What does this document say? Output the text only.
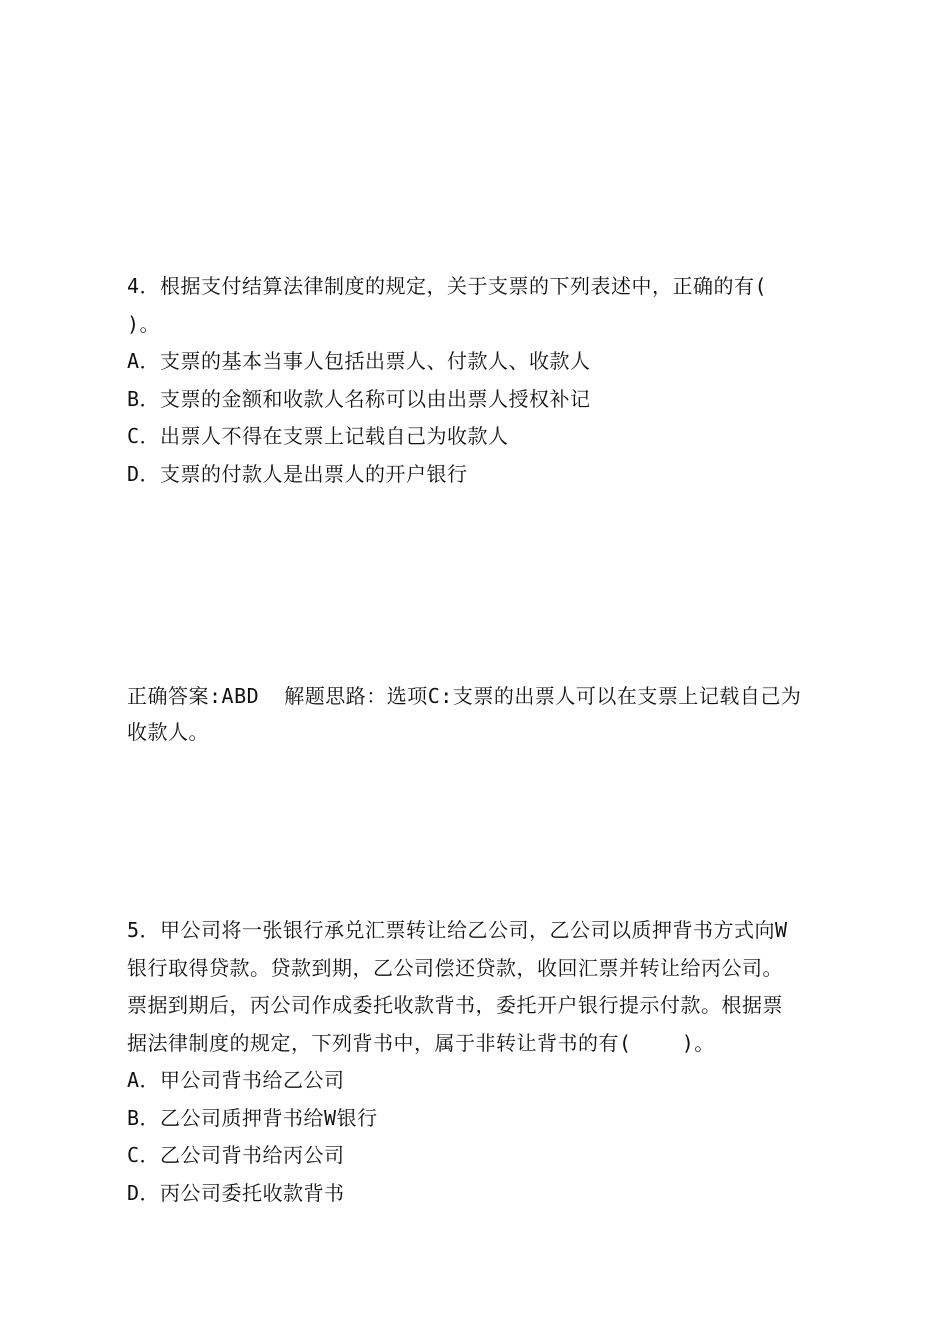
4．根据支付结算法律制度的规定，关于支票的下列表述中，正确的有(
)。
A．支票的基本当事人包括出票人、付款人、收款人
B．支票的金额和收款人名称可以由出票人授权补记
C．出票人不得在支票上记载自己为收款人
D．支票的付款人是出票人的开户银行
正确答案:ABD  解题思路：选项C:支票的出票人可以在支票上记载自己为
收款人。
5．甲公司将一张银行承兑汇票转让给乙公司，乙公司以质押背书方式向W
银行取得贷款。贷款到期，乙公司偿还贷款，收回汇票并转让给丙公司。
票据到期后，丙公司作成委托收款背书，委托开户银行提示付款。根据票
据法律制度的规定，下列背书中，属于非转让背书的有(    )。
A．甲公司背书给乙公司
B．乙公司质押背书给W银行
C．乙公司背书给丙公司
D．丙公司委托收款背书
